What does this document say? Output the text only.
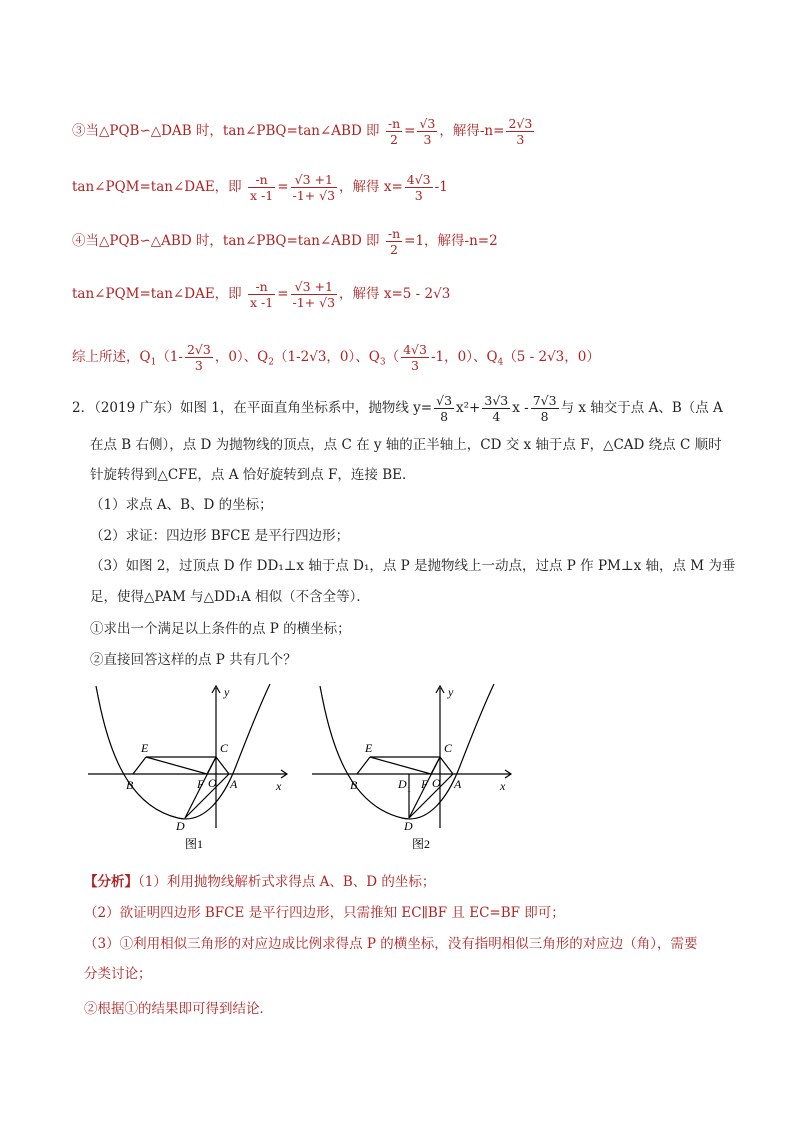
③当△PQB∽△DAB 时，tan∠PBQ=tan∠ABD 即 $\frac{-n}{2} = \frac{√3}{3}$ ，解得$-n= \frac{2√3}{3}$
tan∠PQM=tan∠DAE，即 $\frac{-n}{x -1} = \frac{√3 +1}{-1+ √3}$ ，解得 $x= \frac{4√3}{3} -1$
④当△PQB∽△ABD 时，tan∠PBQ=tan∠ABD 即 $\frac{-n}{2} =1$，解得-n=2
tan∠PQM=tan∠DAE，即 $\frac{-n}{x -1} = \frac{√3 +1}{-1+ √3}$ ，解得 x=5 - 2√3
综上所述，$Q_1(1- \frac{2√3}{3}$ ，0）、$Q_2(1-2√3$，0）、$Q_3( \frac{4√3}{3} -1$，0）、$Q_4(5 - 2√3$，0）
2．（2019 广东）如图 1，在平面直角坐标系中，抛物线 $y= \frac{√3}{8} x^2+ \frac{3√3}{4}$ x - $\frac{7√3}{8}$ 与 x 轴交于点 A、B（点 A
在点 B 右侧），点 D 为抛物线的顶点，点 C 在 y 轴的正半轴上，CD 交 x 轴于点 F，△CAD 绕点 C 顺时
针旋转得到△CFE，点 A 恰好旋转到点 F，连接 BE．
（1）求点 A、B、D 的坐标；
（2）求证：四边形 BFCE 是平行四边形；
（3）如图 2，过顶点 D 作 DD₁⊥x 轴于点 D₁，点 P 是抛物线上一动点，过点 P 作 PM⊥x 轴，点 M 为垂
足，使得△PAM 与△DD₁A 相似（不含全等）．
①求出一个满足以上条件的点 P 的横坐标；
②直接回答这样的点 P 共有几个？
E	C
B	F O A
D
x
y
图1
E	C
B	D 1 F O A
D
x
y
图2
【分析】（1）利用抛物线解析式求得点 A、B、D 的坐标；
（2）欲证明四边形 BFCE 是平行四边形，只需推知 EC∥BF 且 EC=BF 即可；
（3）①利用相似三角形的对应边成比例求得点 P 的横坐标，没有指明相似三角形的对应边（角），需要
分类讨论；
②根据①的结果即可得到结论．
